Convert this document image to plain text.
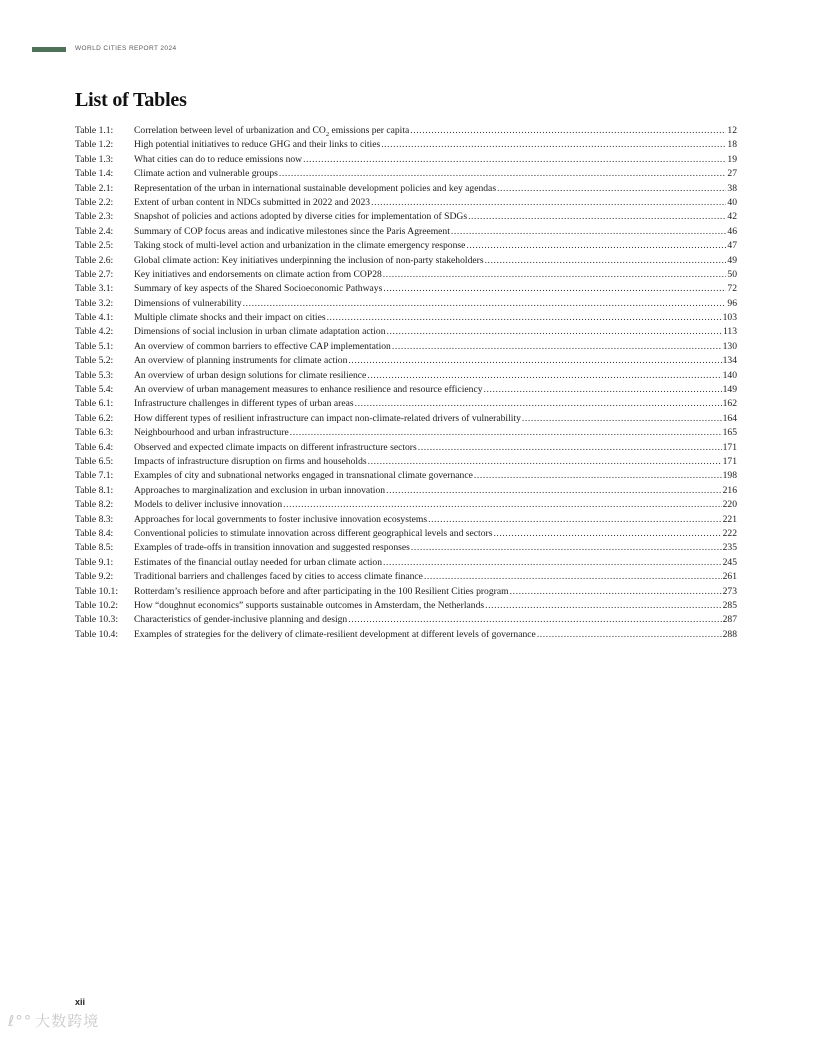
WORLD CITIES REPORT 2024
List of Tables
Table 1.1:	Correlation between level of urbanization and $CO_2$ emissions per capita .....	12
Table 1.2:	High potential initiatives to reduce GHG and their links to cities .....	18
Table 1.3:	What cities can do to reduce emissions now .....	19
Table 1.4:	Climate action and vulnerable groups .....	27
Table 2.1:	Representation of the urban in international sustainable development policies and key agendas .....	38
Table 2.2:	Extent of urban content in NDCs submitted in 2022 and 2023 .....	40
Table 2.3:	Snapshot of policies and actions adopted by diverse cities for implementation of SDGs .....	42
Table 2.4:	Summary of COP focus areas and indicative milestones since the Paris Agreement .....	46
Table 2.5:	Taking stock of multi-level action and urbanization in the climate emergency response .....	47
Table 2.6:	Global climate action: Key initiatives underpinning the inclusion of non-party stakeholders .....	49
Table 2.7:	Key initiatives and endorsements on climate action from COP28 .....	50
Table 3.1:	Summary of key aspects of the Shared Socioeconomic Pathways .....	72
Table 3.2:	Dimensions of vulnerability .....	96
Table 4.1:	Multiple climate shocks and their impact on cities .....	103
Table 4.2:	Dimensions of social inclusion in urban climate adaptation action .....	113
Table 5.1:	An overview of common barriers to effective CAP implementation .....	130
Table 5.2:	An overview of planning instruments for climate action .....	134
Table 5.3:	An overview of urban design solutions for climate resilience .....	140
Table 5.4:	An overview of urban management measures to enhance resilience and resource efficiency .....	149
Table 6.1:	Infrastructure challenges in different types of urban areas .....	162
Table 6.2:	How different types of resilient infrastructure can impact non-climate-related drivers of vulnerability .....	164
Table 6.3:	Neighbourhood and urban infrastructure .....	165
Table 6.4:	Observed and expected climate impacts on different infrastructure sectors .....	171
Table 6.5:	Impacts of infrastructure disruption on firms and households .....	171
Table 7.1:	Examples of city and subnational networks engaged in transnational climate governance .....	198
Table 8.1:	Approaches to marginalization and exclusion in urban innovation .....	216
Table 8.2:	Models to deliver inclusive innovation .....	220
Table 8.3:	Approaches for local governments to foster inclusive innovation ecosystems .....	221
Table 8.4:	Conventional policies to stimulate innovation across different geographical levels and sectors .....	222
Table 8.5:	Examples of trade-offs in transition innovation and suggested responses .....	235
Table 9.1:	Estimates of the financial outlay needed for urban climate action .....	245
Table 9.2:	Traditional barriers and challenges faced by cities to access climate finance .....	261
Table 10.1:	Rotterdam’s resilience approach before and after participating in the 100 Resilient Cities program .....	273
Table 10.2:	How “doughnut economics” supports sustainable outcomes in Amsterdam, the Netherlands .....	285
Table 10.3:	Characteristics of gender-inclusive planning and design .....	287
Table 10.4:	Examples of strategies for the delivery of climate-resilient development at different levels of governance .....	288
xii
ℓ°° 大数跨境
